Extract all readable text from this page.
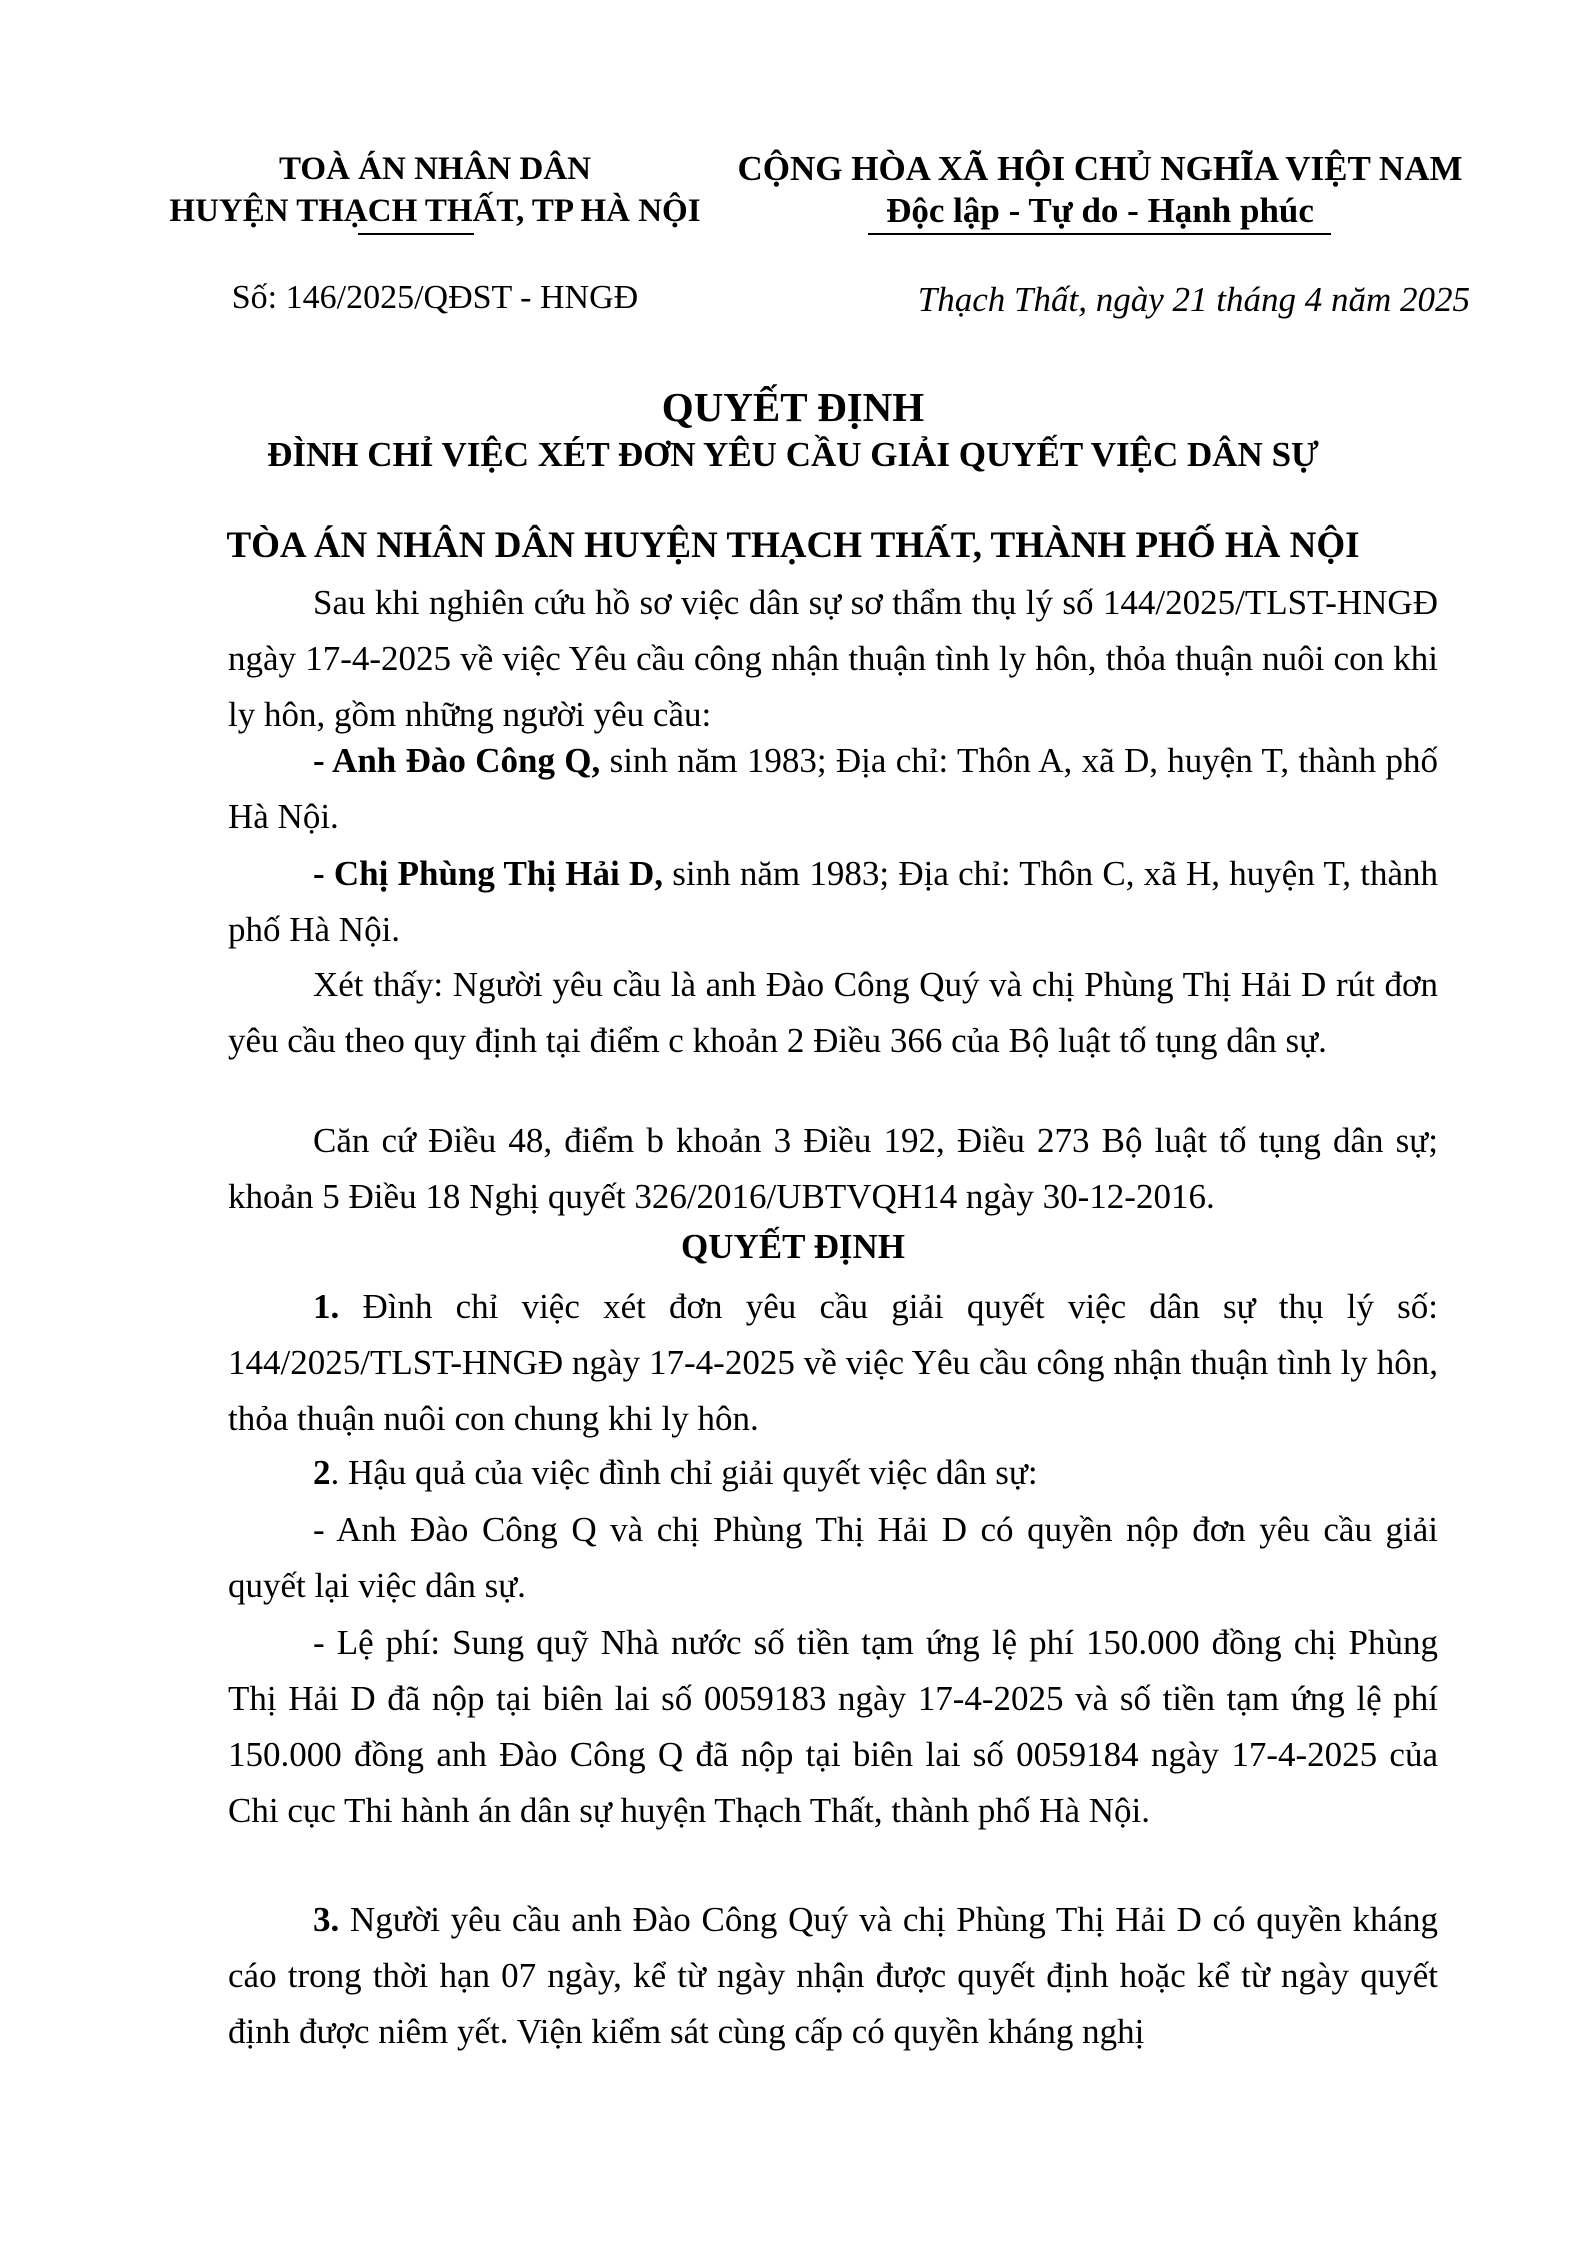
TOÀ ÁN NHÂN DÂN
HUYỆN THẠCH THẤT, TP HÀ NỘI
CỘNG HÒA XÃ HỘI CHỦ NGHĨA VIỆT NAM
Độc lập - Tự do - Hạnh phúc
Số: 146/2025/QĐST - HNGĐ	Thạch Thất, ngày 21 tháng 4 năm 2025
QUYẾT ĐỊNH
ĐÌNH CHỈ VIỆC XÉT ĐƠN YÊU CẦU GIẢI QUYẾT VIỆC DÂN SỰ
TÒA ÁN NHÂN DÂN HUYỆN THẠCH THẤT, THÀNH PHỐ HÀ NỘI
Sau khi nghiên cứu hồ sơ việc dân sự sơ thẩm thụ lý số 144/2025/TLST-HNGĐ ngày 17-4-2025 về việc Yêu cầu công nhận thuận tình ly hôn, thỏa thuận nuôi con khi ly hôn, gồm những người yêu cầu:
- Anh Đào Công Q, sinh năm 1983; Địa chỉ: Thôn A, xã D, huyện T, thành phố Hà Nội.
- Chị Phùng Thị Hải D, sinh năm 1983; Địa chỉ: Thôn C, xã H, huyện T, thành phố Hà Nội.
Xét thấy: Người yêu cầu là anh Đào Công Quý và chị Phùng Thị Hải D rút đơn yêu cầu theo quy định tại điểm c khoản 2 Điều 366 của Bộ luật tố tụng dân sự.
Căn cứ Điều 48, điểm b khoản 3 Điều 192, Điều 273 Bộ luật tố tụng dân sự; khoản 5 Điều 18 Nghị quyết 326/2016/UBTVQH14 ngày 30-12-2016.
QUYẾT ĐỊNH
1. Đình chỉ việc xét đơn yêu cầu giải quyết việc dân sự thụ lý số: 144/2025/TLST-HNGĐ ngày 17-4-2025 về việc Yêu cầu công nhận thuận tình ly hôn, thỏa thuận nuôi con chung khi ly hôn.
2. Hậu quả của việc đình chỉ giải quyết việc dân sự:
- Anh Đào Công Q và chị Phùng Thị Hải D có quyền nộp đơn yêu cầu giải quyết lại việc dân sự.
- Lệ phí: Sung quỹ Nhà nước số tiền tạm ứng lệ phí 150.000 đồng chị Phùng Thị Hải D đã nộp tại biên lai số 0059183 ngày 17-4-2025 và số tiền tạm ứng lệ phí 150.000 đồng anh Đào Công Q đã nộp tại biên lai số 0059184 ngày 17-4-2025 của Chi cục Thi hành án dân sự huyện Thạch Thất, thành phố Hà Nội.
3. Người yêu cầu anh Đào Công Quý và chị Phùng Thị Hải D có quyền kháng cáo trong thời hạn 07 ngày, kể từ ngày nhận được quyết định hoặc kể từ ngày quyết định được niêm yết. Viện kiểm sát cùng cấp có quyền kháng nghị
